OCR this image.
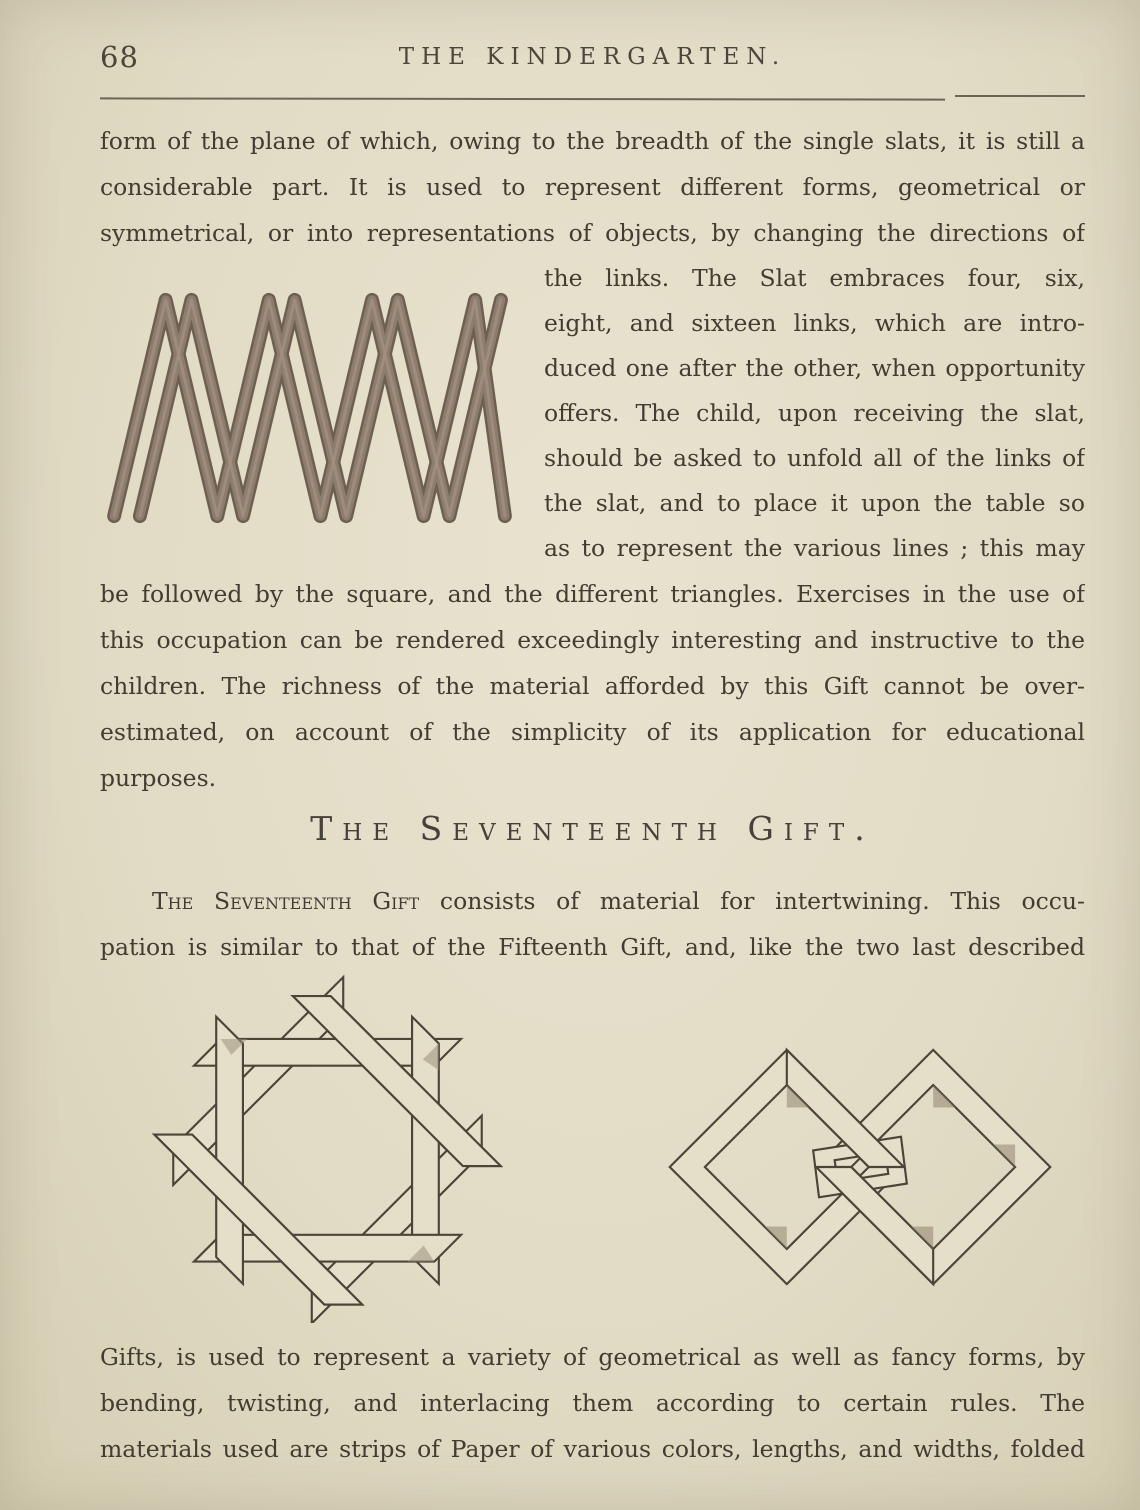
68	THE KINDERGARTEN.
form of the plane of which, owing to the breadth of the single slats, it is still a
considerable part. It is used to represent different forms, geometrical or
symmetrical, or into representations of objects, by changing the directions of
the links. The Slat embraces four, six,
eight, and sixteen links, which are intro-
duced one after the other, when opportunity
offers. The child, upon receiving the slat,
should be asked to unfold all of the links of
the slat, and to place it upon the table so
as to represent the various lines ; this may
be followed by the square, and the different triangles. Exercises in the use of
this occupation can be rendered exceedingly interesting and instructive to the
children. The richness of the material afforded by this Gift cannot be over-
estimated, on account of the simplicity of its application for educational
purposes.
The Seventeenth Gift.
The Seventeenth Gift consists of material for intertwining. This occu-
pation is similar to that of the Fifteenth Gift, and, like the two last described
Gifts, is used to represent a variety of geometrical as well as fancy forms, by
bending, twisting, and interlacing them according to certain rules. The
materials used are strips of Paper of various colors, lengths, and widths, folded
